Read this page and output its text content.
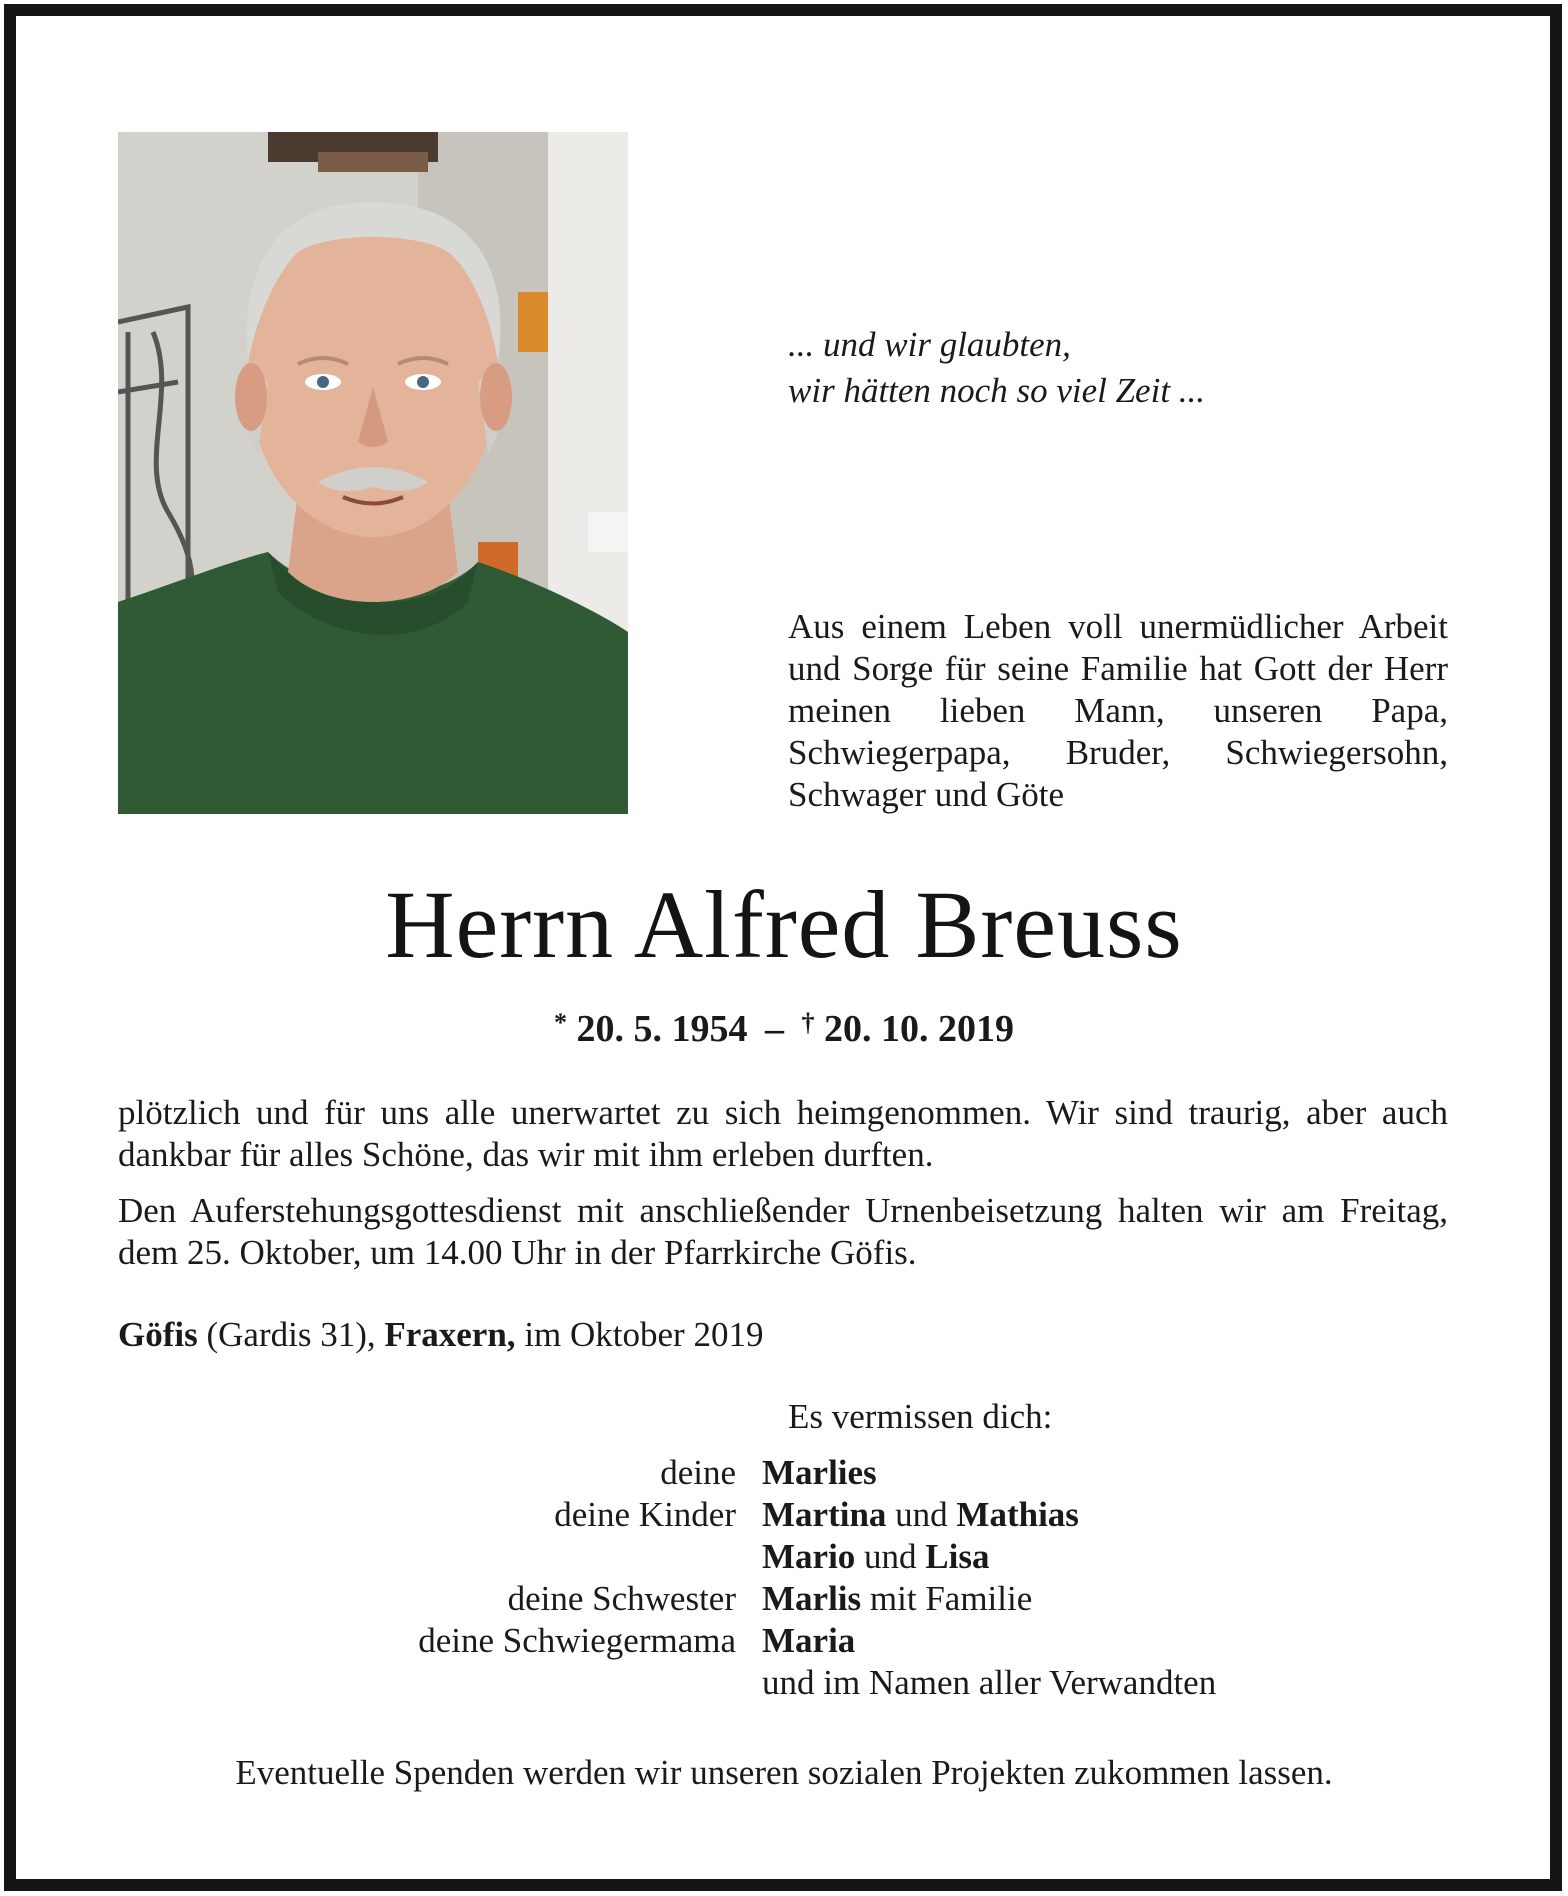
... und wir glaubten,
wir hätten noch so viel Zeit ...
Aus einem Leben voll unermüdlicher Arbeit und Sorge für seine Familie hat Gott der Herr meinen lieben Mann, unseren Papa, Schwiegerpapa, Bruder, Schwiegersohn, Schwager und Göte
Herrn Alfred Breuss
* 20. 5. 1954 – † 20. 10. 2019
plötzlich und für uns alle unerwartet zu sich heimgenommen. Wir sind traurig, aber auch dankbar für alles Schöne, das wir mit ihm erleben durften.
Den Auferstehungsgottesdienst mit anschließender Urnenbeisetzung halten wir am Freitag, dem 25. Oktober, um 14.00 Uhr in der Pfarrkirche Göfis.
Göfis (Gardis 31), Fraxern, im Oktober 2019
Es vermissen dich:
deine Marlies
deine Kinder Martina und Mathias
Mario und Lisa
deine Schwester Marlis mit Familie
deine Schwiegermama Maria
und im Namen aller Verwandten
Eventuelle Spenden werden wir unseren sozialen Projekten zukommen lassen.
